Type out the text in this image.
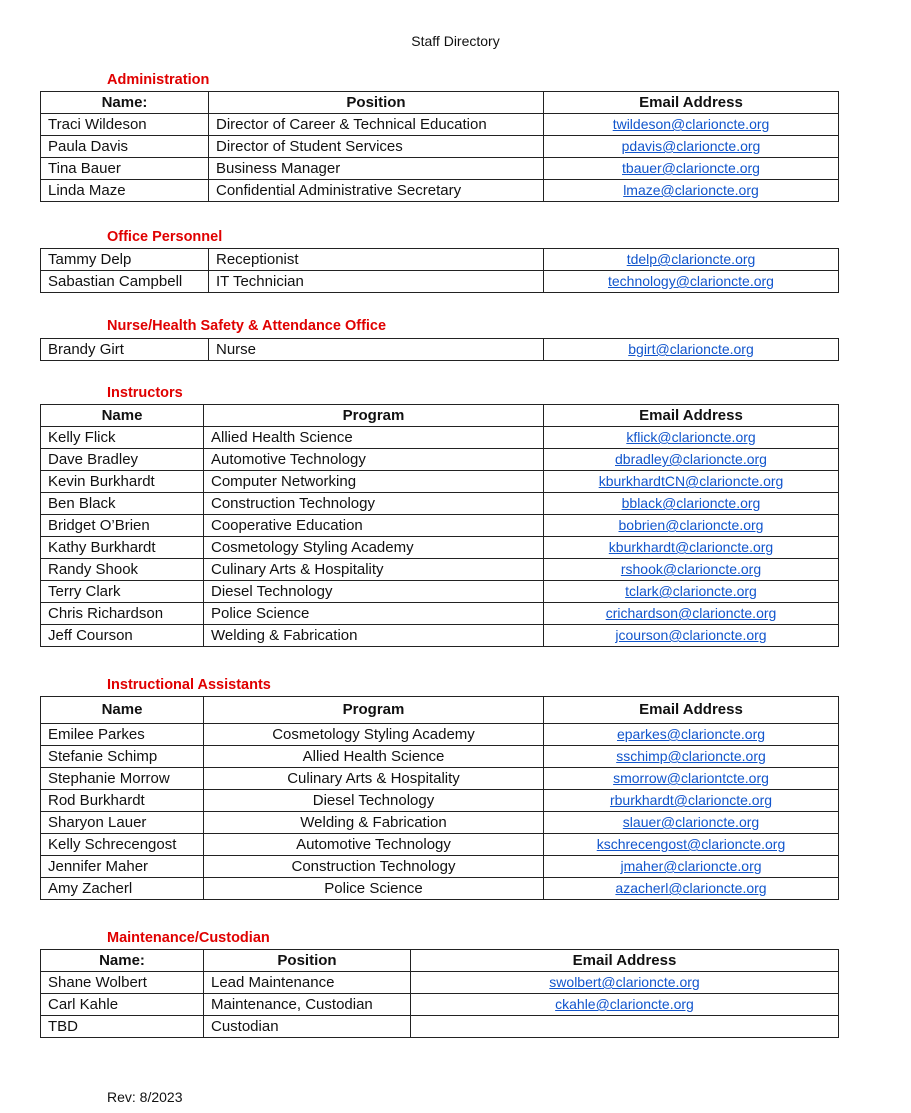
Staff Directory
Administration
Name:	Position	Email Address
Traci Wildeson	Director of Career & Technical Education	twildeson@clarioncte.org
Paula Davis	Director of Student Services	pdavis@clarioncte.org
Tina Bauer	Business Manager	tbauer@clarioncte.org
Linda Maze	Confidential Administrative Secretary	lmaze@clarioncte.org
Office Personnel
Tammy Delp	Receptionist	tdelp@clarioncte.org
Sabastian Campbell	IT Technician	technology@clarioncte.org
Nurse/Health Safety & Attendance Office
Brandy Girt	Nurse	bgirt@clarioncte.org
Instructors
Name	Program	Email Address
Kelly Flick	Allied Health Science	kflick@clarioncte.org
Dave Bradley	Automotive Technology	dbradley@clarioncte.org
Kevin Burkhardt	Computer Networking	kburkhardtCN@clarioncte.org
Ben Black	Construction Technology	bblack@clarioncte.org
Bridget O’Brien	Cooperative Education	bobrien@clarioncte.org
Kathy Burkhardt	Cosmetology Styling Academy	kburkhardt@clarioncte.org
Randy Shook	Culinary Arts & Hospitality	rshook@clarioncte.org
Terry Clark	Diesel Technology	tclark@clarioncte.org
Chris Richardson	Police Science	crichardson@clarioncte.org
Jeff Courson	Welding & Fabrication	jcourson@clarioncte.org
Instructional Assistants
Name	Program	Email Address
Emilee Parkes	Cosmetology Styling Academy	eparkes@clarioncte.org
Stefanie Schimp	Allied Health Science	sschimp@clarioncte.org
Stephanie Morrow	Culinary Arts & Hospitality	smorrow@clariontcte.org
Rod Burkhardt	Diesel Technology	rburkhardt@clarioncte.org
Sharyon Lauer	Welding & Fabrication	slauer@clarioncte.org
Kelly Schrecengost	Automotive Technology	kschrecengost@clarioncte.org
Jennifer Maher	Construction Technology	jmaher@clarioncte.org
Amy Zacherl	Police Science	azacherl@clarioncte.org
Maintenance/Custodian
Name:	Position	Email Address
Shane Wolbert	Lead Maintenance	swolbert@clarioncte.org
Carl Kahle	Maintenance, Custodian	ckahle@clarioncte.org
TBD	Custodian	
Rev: 8/2023
